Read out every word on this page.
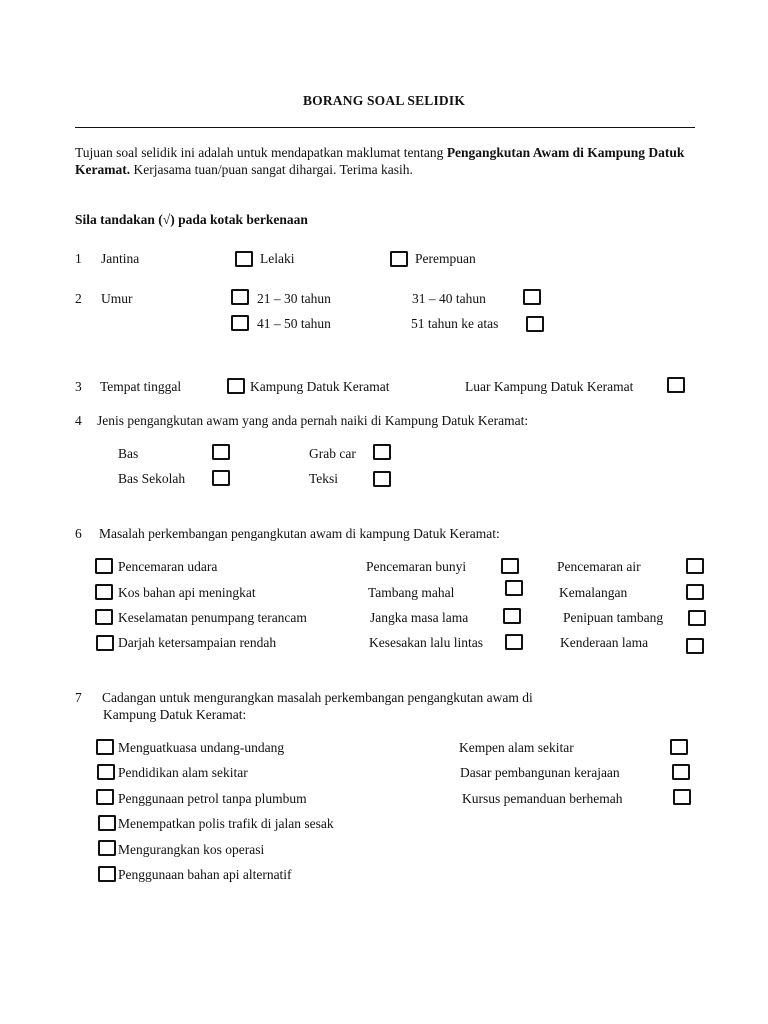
BORANG SOAL SELIDIK
Tujuan soal selidik ini adalah untuk mendapatkan maklumat tentang Pengangkutan Awam di Kampung Datuk Keramat. Kerjasama tuan/puan sangat dihargai. Terima kasih.
Sila tandakan (√) pada kotak berkenaan
1 Jantina	Lelaki	Perempuan
2 Umur	21 – 30 tahun	31 – 40 tahun
41 – 50 tahun	51 tahun ke atas
3 Tempat tinggal	Kampung Datuk Keramat	Luar Kampung Datuk Keramat
4 Jenis pengangkutan awam yang anda pernah naiki di Kampung Datuk Keramat:
Bas	Grab car
Bas Sekolah	Teksi
6 Masalah perkembangan pengangkutan awam di kampung Datuk Keramat:
Pencemaran udara	Pencemaran bunyi	Pencemaran air
Kos bahan api meningkat	Tambang mahal	Kemalangan
Keselamatan penumpang terancam	Jangka masa lama	Penipuan tambang
Darjah ketersampaian rendah	Kesesakan lalu lintas	Kenderaan lama
7 Cadangan untuk mengurangkan masalah perkembangan pengangkutan awam di
Kampung Datuk Keramat:
Menguatkuasa undang-undang	Kempen alam sekitar
Pendidikan alam sekitar	Dasar pembangunan kerajaan
Penggunaan petrol tanpa plumbum	Kursus pemanduan berhemah
Menempatkan polis trafik di jalan sesak
Mengurangkan kos operasi
Penggunaan bahan api alternatif
